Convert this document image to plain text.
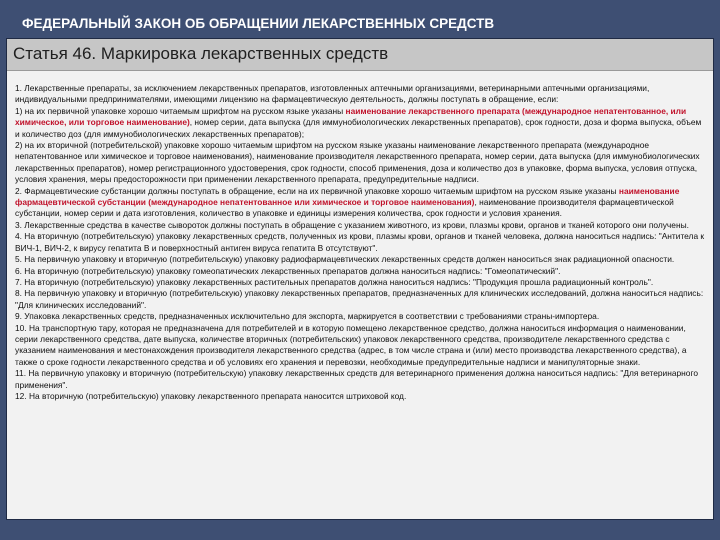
ФЕДЕРАЛЬНЫЙ ЗАКОН ОБ ОБРАЩЕНИИ ЛЕКАРСТВЕННЫХ СРЕДСТВ
Статья 46. Маркировка лекарственных средств

1. Лекарственные препараты, за исключением лекарственных препаратов, изготовленных аптечными организациями, ветеринарными аптечными организациями, индивидуальными предпринимателями, имеющими лицензию на фармацевтическую деятельность, должны поступать в обращение, если:

1) на их первичной упаковке хорошо читаемым шрифтом на русском языке указаны наименование лекарственного препарата (международное непатентованное, или химическое, или торговое наименование), номер серии, дата выпуска (для иммунобиологических лекарственных препаратов), срок годности, доза и форма выпуска, объем и количество доз (для иммунобиологических лекарственных препаратов);

2) на их вторичной (потребительской) упаковке хорошо читаемым шрифтом на русском языке указаны наименование лекарственного препарата (международное непатентованное или химическое и торговое наименования), наименование производителя лекарственного препарата, номер серии, дата выпуска (для иммунобиологических лекарственных препаратов), номер регистрационного удостоверения, срок годности, способ применения, доза и количество доз в упаковке, форма выпуска, условия отпуска, условия хранения, меры предосторожности при применении лекарственного препарата, предупредительные надписи.

2. Фармацевтические субстанции должны поступать в обращение, если на их первичной упаковке хорошо читаемым шрифтом на русском языке указаны наименование фармацевтической субстанции (международное непатентованное или химическое и торговое наименования), наименование производителя фармацевтической субстанции, номер серии и дата изготовления, количество в упаковке и единицы измерения количества, срок годности и условия хранения.

3. Лекарственные средства в качестве сывороток должны поступать в обращение с указанием животного, из крови, плазмы крови, органов и тканей которого они получены.

4. На вторичную (потребительскую) упаковку лекарственных средств, полученных из крови, плазмы крови, органов и тканей человека, должна наноситься надпись: "Антитела к ВИЧ-1, ВИЧ-2, к вирусу гепатита В и поверхностный антиген вируса гепатита В отсутствуют".

5. На первичную упаковку и вторичную (потребительскую) упаковку радиофармацевтических лекарственных средств должен наноситься знак радиационной опасности.

6. На вторичную (потребительскую) упаковку гомеопатических лекарственных препаратов должна наноситься надпись: "Гомеопатический".

7. На вторичную (потребительскую) упаковку лекарственных растительных препаратов должна наноситься надпись: "Продукция прошла радиационный контроль".

8. На первичную упаковку и вторичную (потребительскую) упаковку лекарственных препаратов, предназначенных для клинических исследований, должна наноситься надпись: "Для клинических исследований".

9. Упаковка лекарственных средств, предназначенных исключительно для экспорта, маркируется в соответствии с требованиями страны-импортера.

10. На транспортную тару, которая не предназначена для потребителей и в которую помещено лекарственное средство, должна наноситься информация о наименовании, серии лекарственного средства, дате выпуска, количестве вторичных (потребительских) упаковок лекарственного средства, производителе лекарственного средства с указанием наименования и местонахождения производителя лекарственного средства (адрес, в том числе страна и (или) место производства лекарственного средства), а также о сроке годности лекарственного средства и об условиях его хранения и перевозки, необходимые предупредительные надписи и манипуляторные знаки.

11. На первичную упаковку и вторичную (потребительскую) упаковку лекарственных средств для ветеринарного применения должна наноситься надпись: "Для ветеринарного применения".

12. На вторичную (потребительскую) упаковку лекарственного препарата наносится штриховой код.
